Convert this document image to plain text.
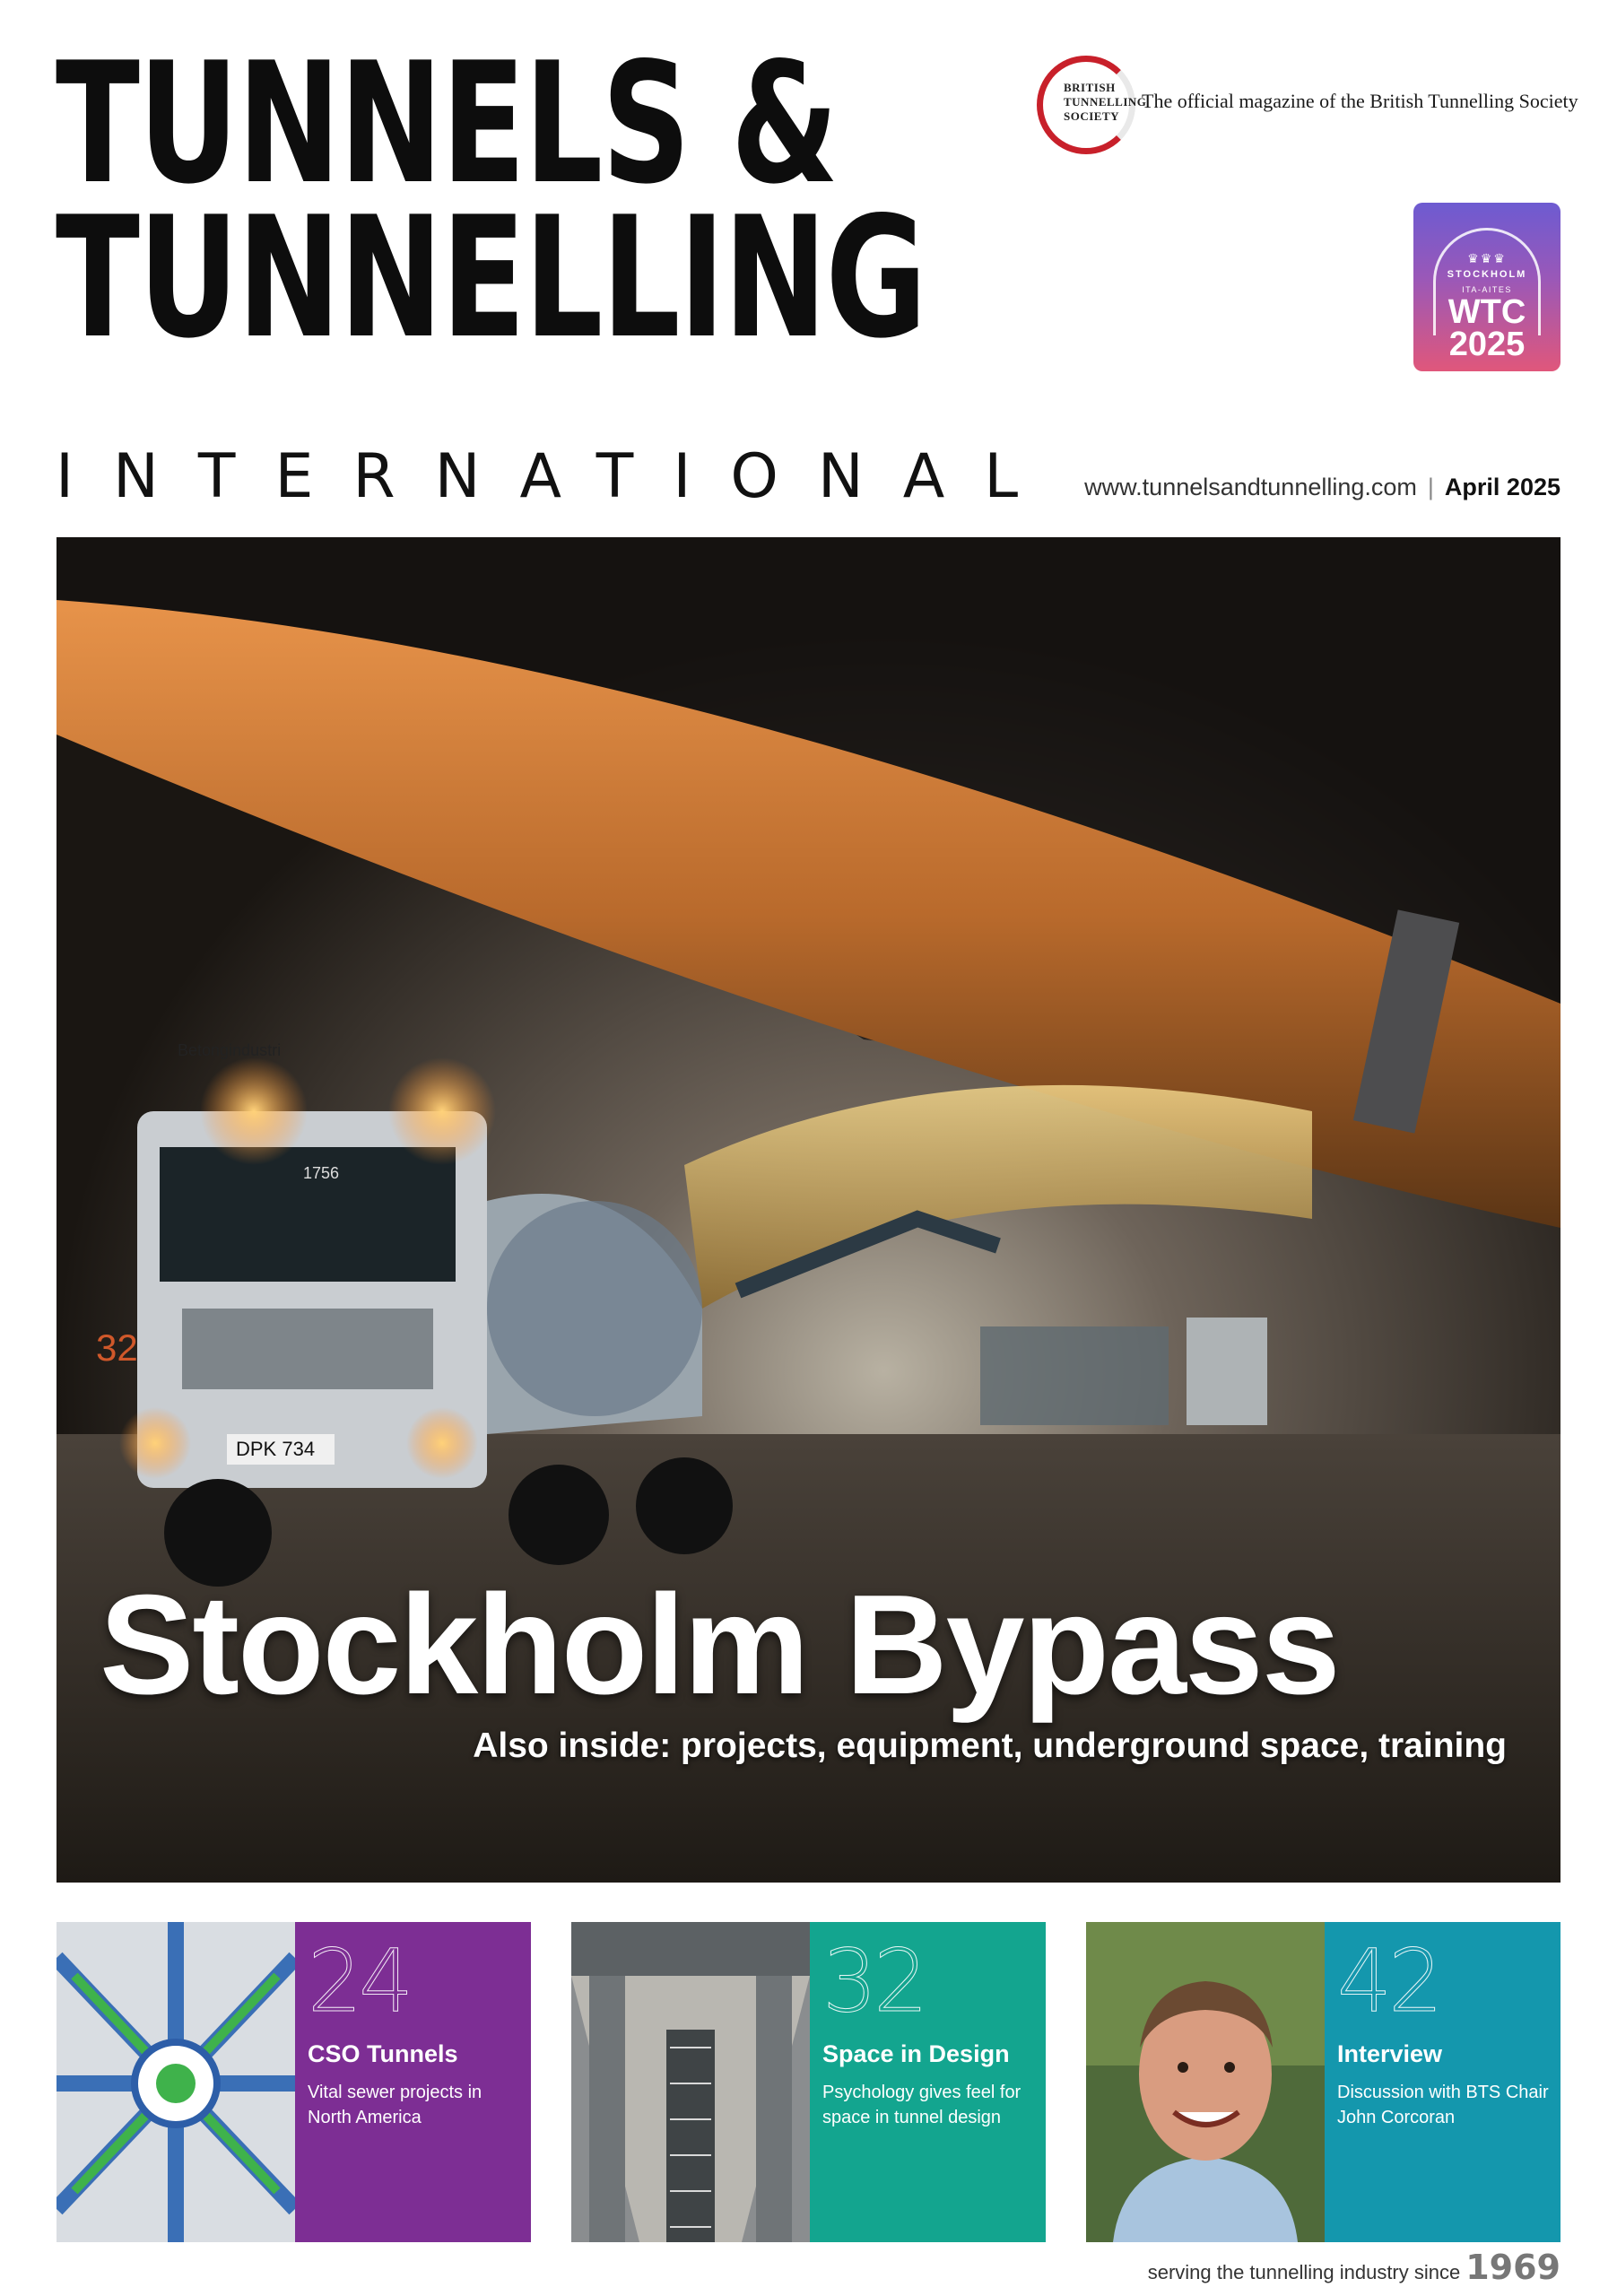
TUNNELS &
TUNNELLING
INTERNATIONAL
BRITISH
TUNNELLING
SOCIETY
The official magazine of the British Tunnelling Society
♛♛♛
STOCKHOLM
ITA-AITES
WTC
2025
www.tunnelsandtunnelling.com | April 2025
Betongindustri
1756
DPK 734
32
Stockholm Bypass
Also inside: projects, equipment, underground space, training
24
CSO Tunnels
Vital sewer projects in North America
32
Space in Design
Psychology gives feel for space in tunnel design
42
Interview
Discussion with BTS Chair John Corcoran
serving the tunnelling industry since 1969
